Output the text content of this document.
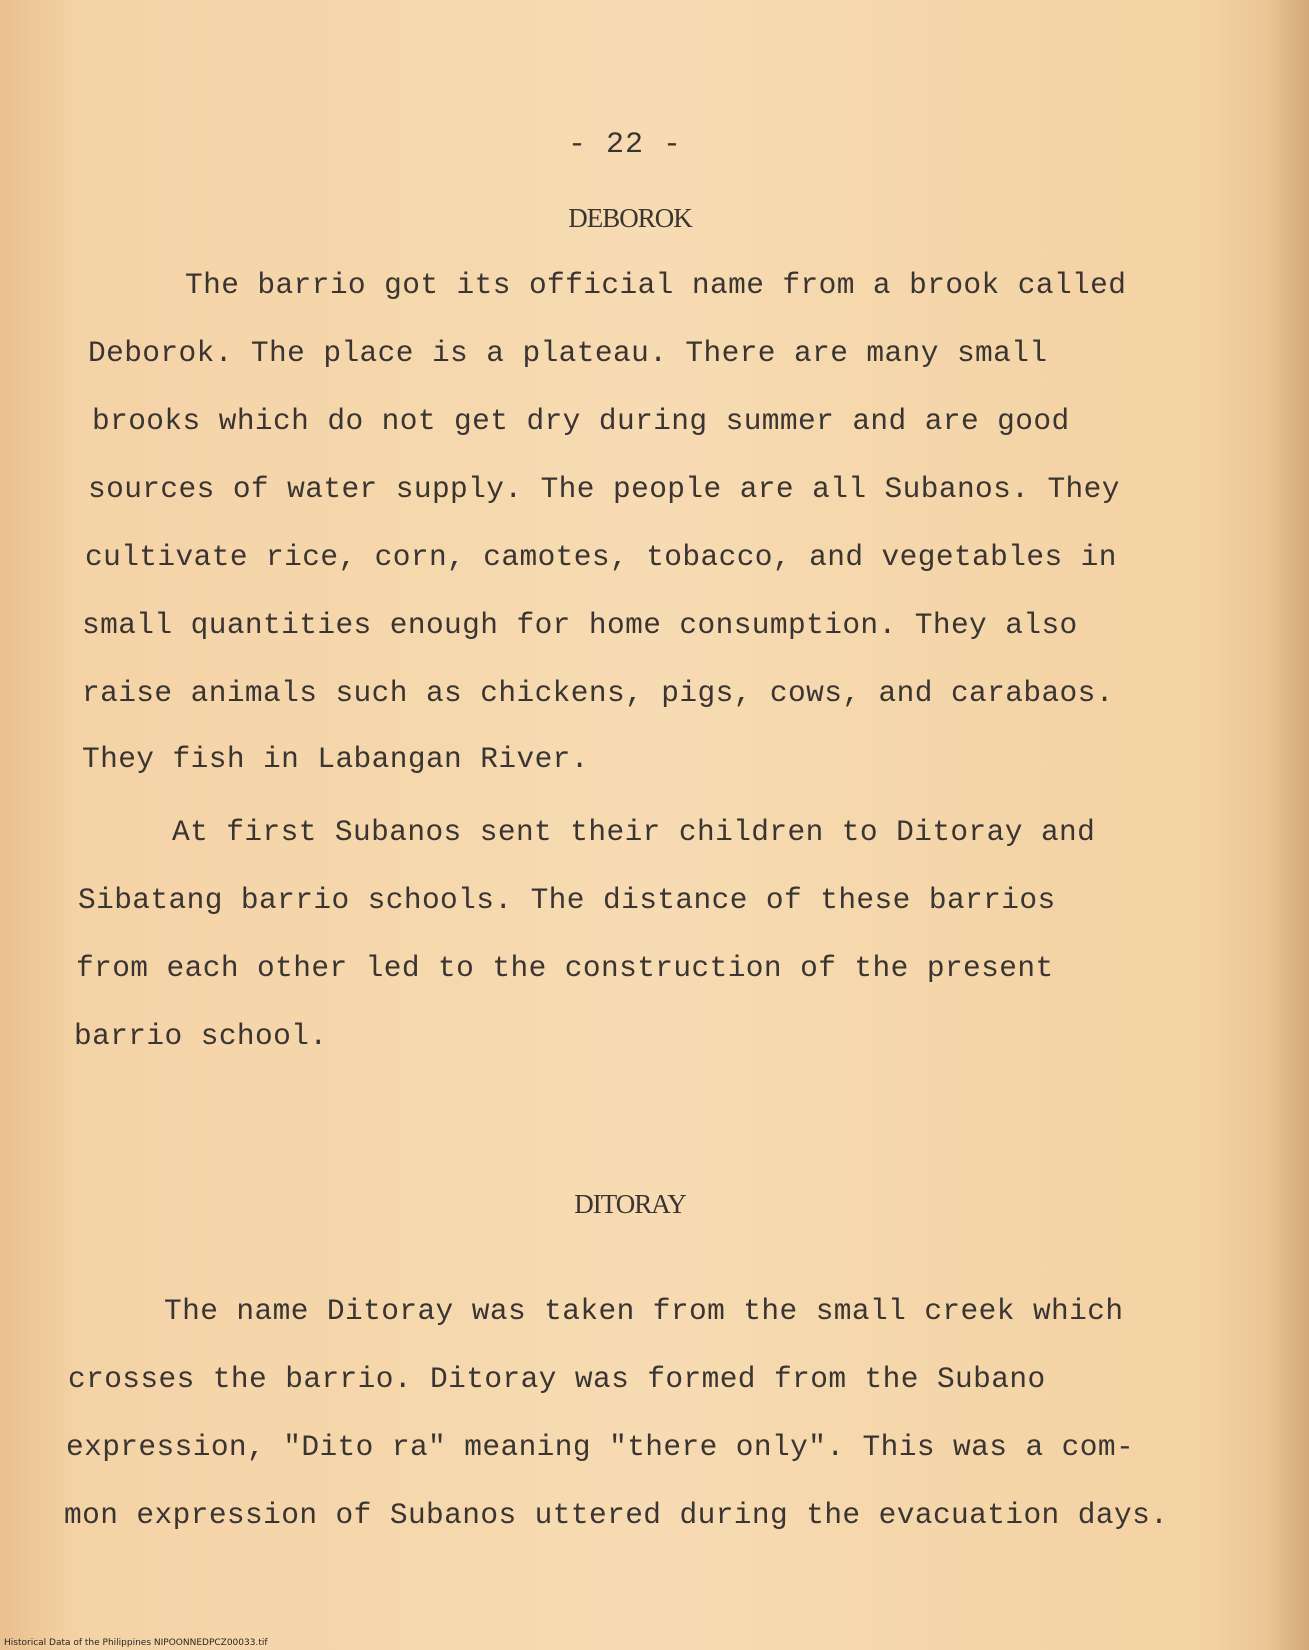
- 22 -
DEBOROK
The barrio got its official name from a brook called
Deborok. The place is a plateau. There are many small
brooks which do not get dry during summer and are good
sources of water supply. The people are all Subanos. They
cultivate rice, corn, camotes, tobacco, and vegetables in
small quantities enough for home consumption. They also
raise animals such as chickens, pigs, cows, and carabaos.
They fish in Labangan River.
At first Subanos sent their children to Ditoray and
Sibatang barrio schools. The distance of these barrios
from each other led to the construction of the present
barrio school.
DITORAY
The name Ditoray was taken from the small creek which
crosses the barrio. Ditoray was formed from the Subano
expression, "Dito ra" meaning "there only". This was a com-
mon expression of Subanos uttered during the evacuation days.
Historical Data of the Philippines NIPOONNEDPCZ00033.tif
